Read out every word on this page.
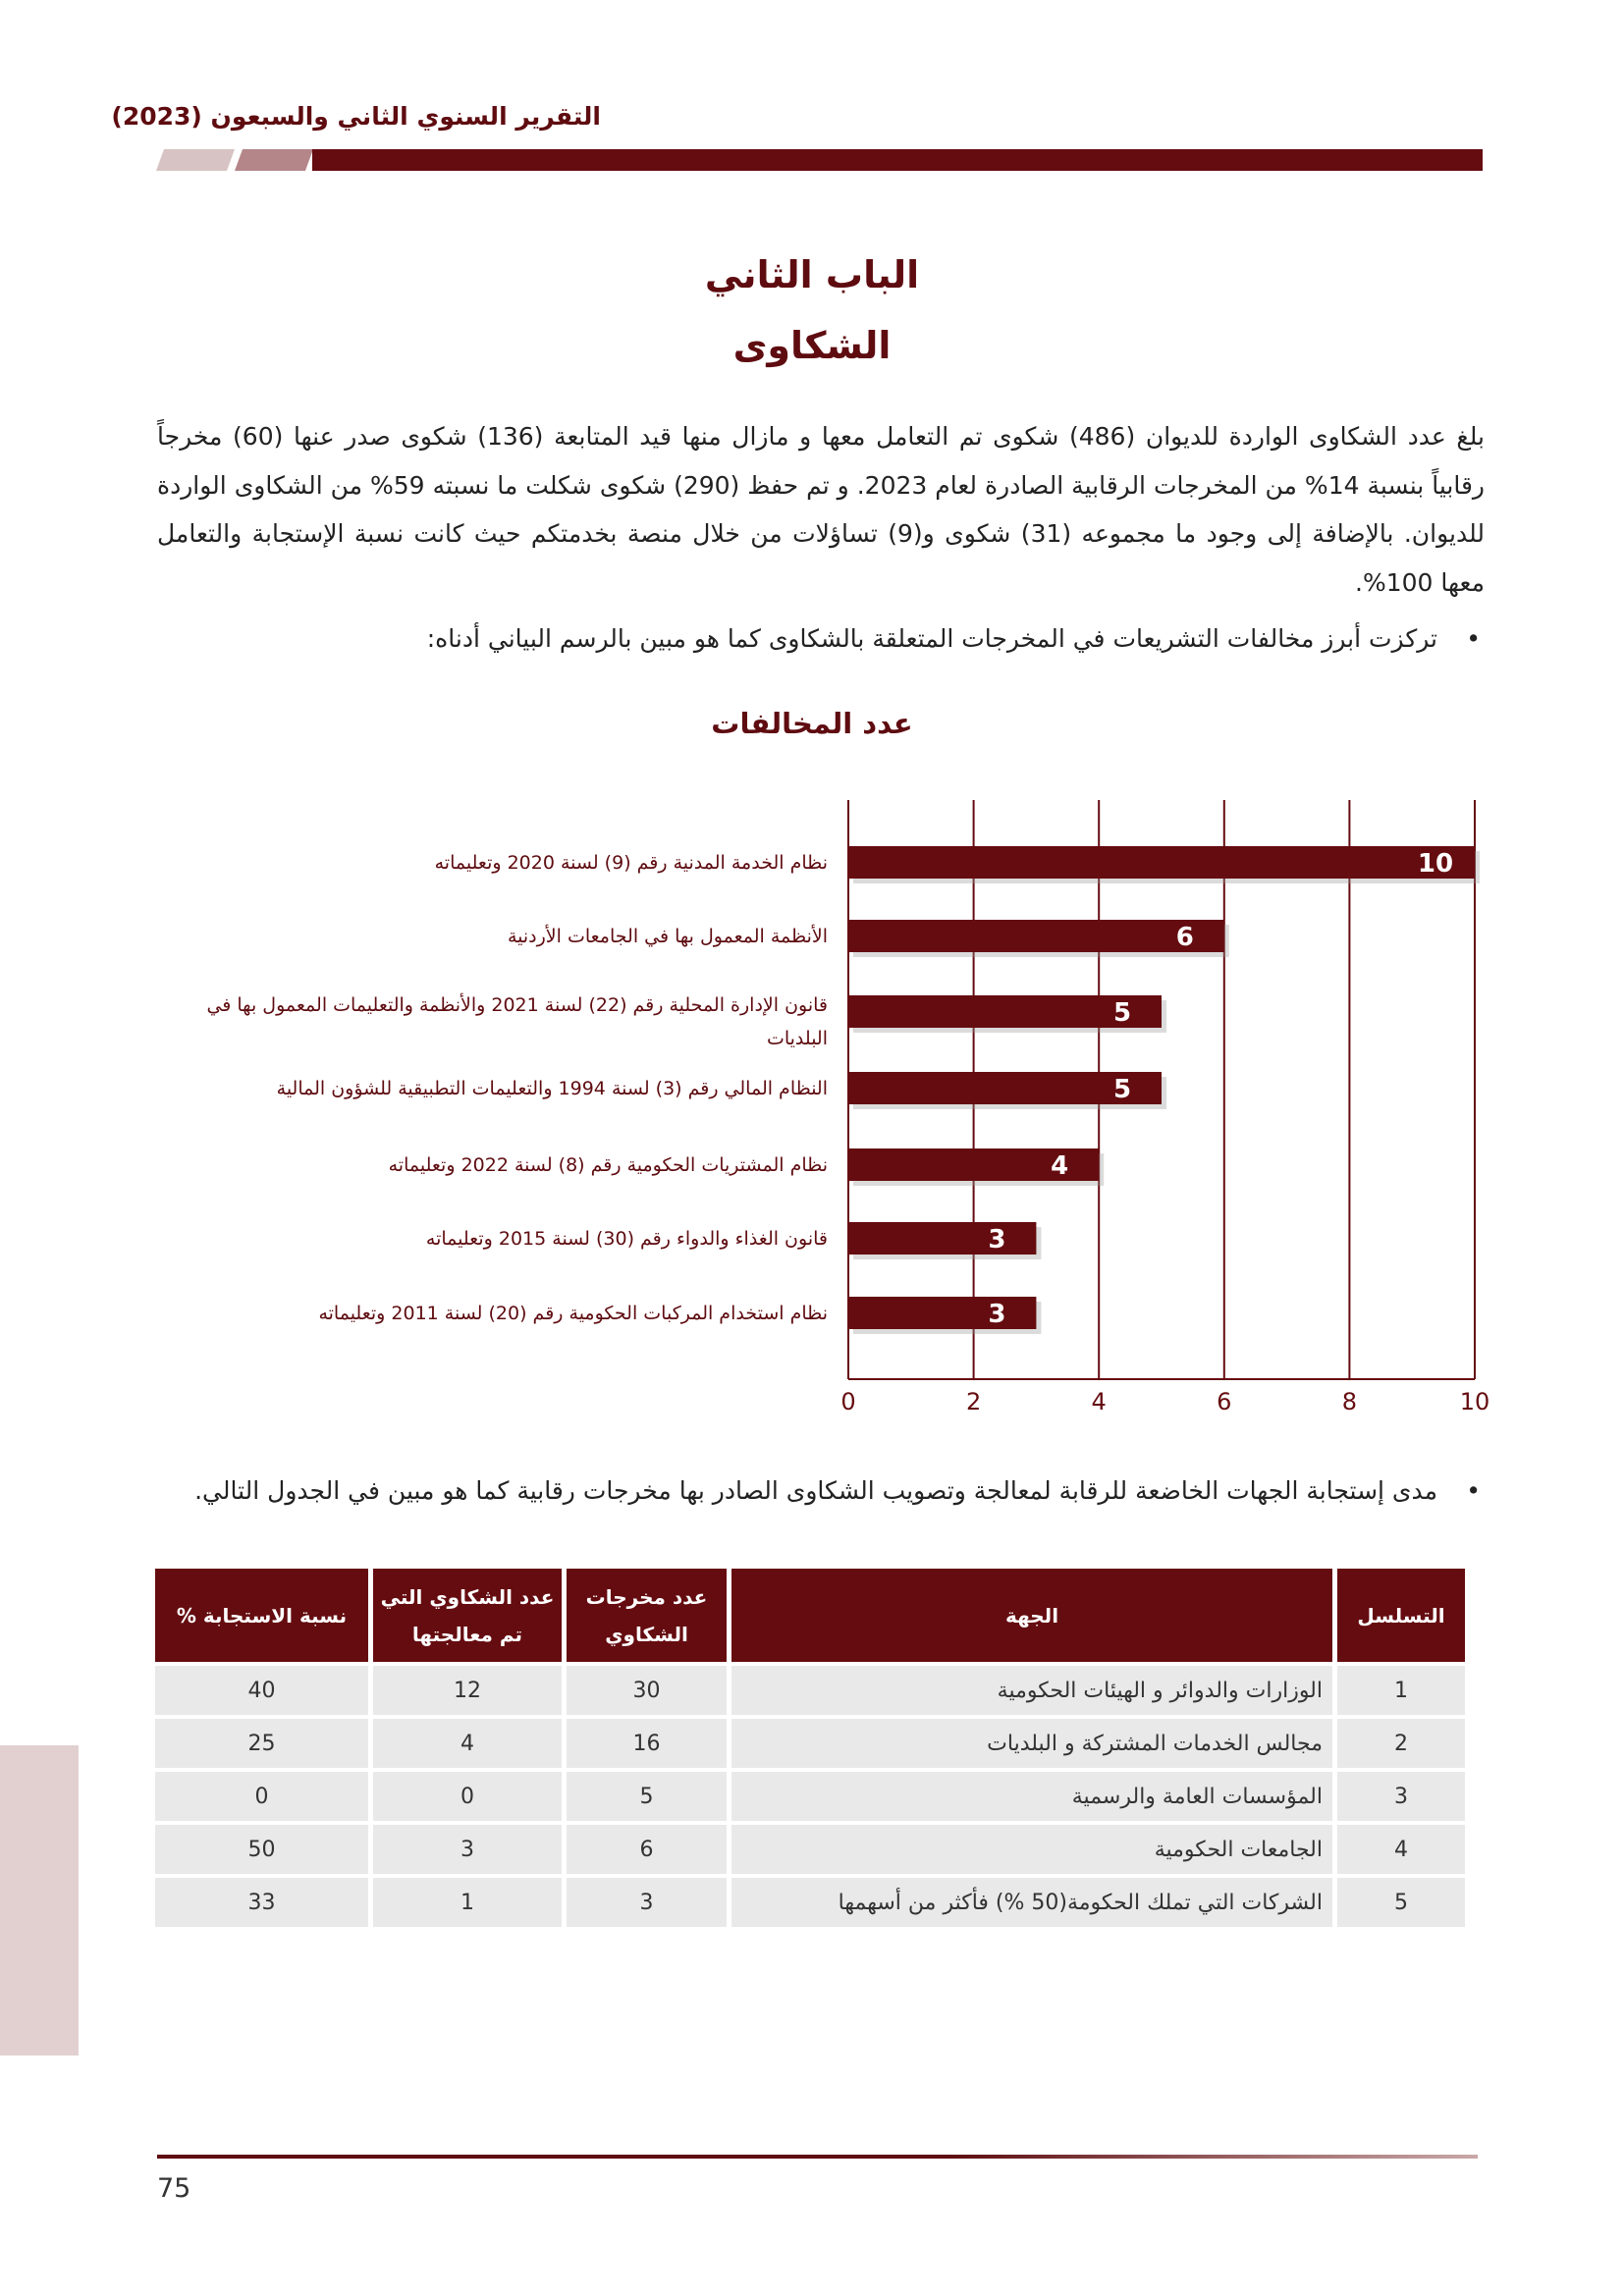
التقرير السنوي الثاني والسبعون (2023)
الباب الثاني
الشكاوى
بلغ عدد الشكاوى الواردة للديوان (486) شكوى تم التعامل معها و مازال منها قيد المتابعة (136) شكوى صدر عنها (60) مخرجاً رقابياً بنسبة 14% من المخرجات الرقابية الصادرة لعام 2023. و تم حفظ (290) شكوى شكلت ما نسبته 59% من الشكاوى الواردة للديوان. بالإضافة إلى وجود ما مجموعه (31) شكوى و(9) تساؤلات من خلال منصة بخدمتكم حيث كانت نسبة الإستجابة والتعامل معها 100%.
•
تركزت أبرز مخالفات التشريعات في المخرجات المتعلقة بالشكاوى كما هو مبين بالرسم البياني أدناه:
عدد المخالفات
نظام الخدمة المدنية رقم (9) لسنة 2020 وتعليماته
الأنظمة المعمول بها في الجامعات الأردنية
قانون الإدارة المحلية رقم (22) لسنة 2021 والأنظمة والتعليمات المعمول بها في البلديات
النظام المالي رقم (3) لسنة 1994 والتعليمات التطبيقية للشؤون المالية
نظام المشتريات الحكومية رقم (8) لسنة 2022 وتعليماته
قانون الغذاء والدواء رقم (30) لسنة 2015 وتعليماته
نظام استخدام المركبات الحكومية رقم (20) لسنة 2011 وتعليماته
0	2	4	6	8	10
10
6
5
5
4
3
3
•
مدى إستجابة الجهات الخاضعة للرقابة لمعالجة وتصويب الشكاوى الصادر بها مخرجات رقابية كما هو مبين في الجدول التالي.
التسلسل	الجهة	عدد مخرجات الشكاوي	عدد الشكاوي التي تم معالجتها	نسبة الاستجابة %
1	الوزارات والدوائر و الهيئات الحكومية	30	12	40
2	مجالس الخدمات المشتركة و البلديات	16	4	25
3	المؤسسات العامة والرسمية	5	0	0
4	الجامعات الحكومية	6	3	50
5	الشركات التي تملك الحكومة(50 %) فأكثر من أسهمها	3	1	33
75
